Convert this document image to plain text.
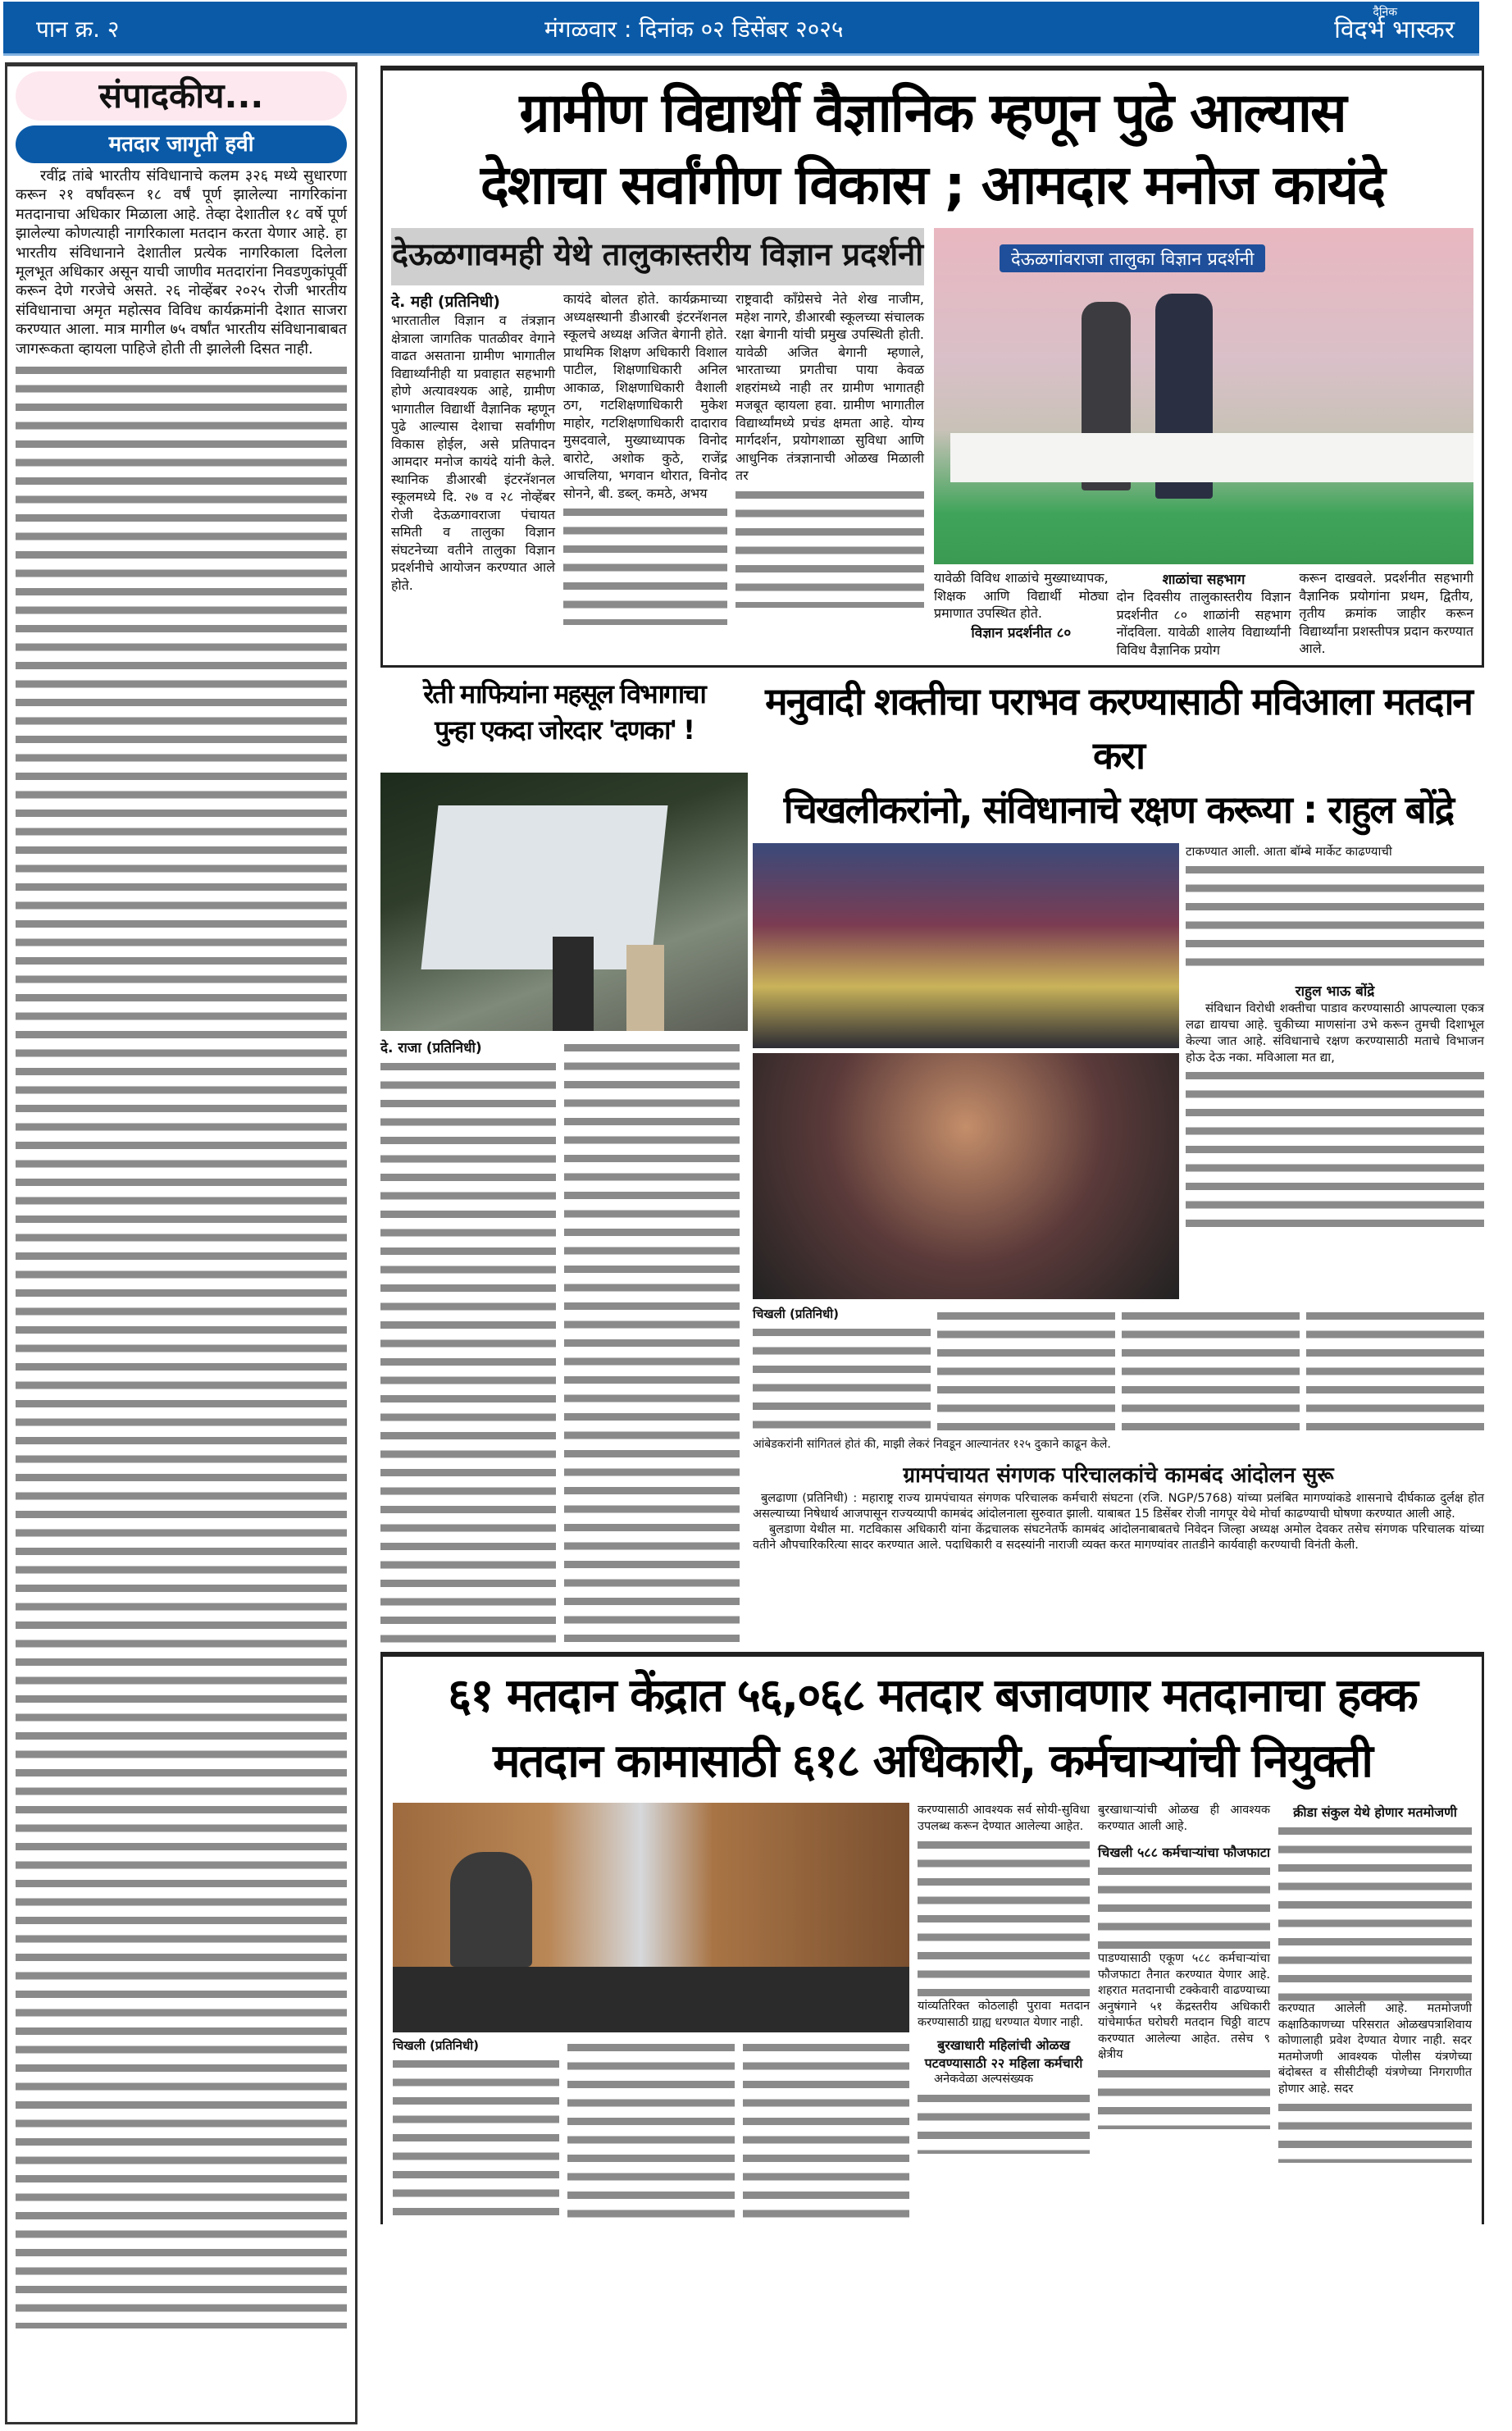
पान क्र. २	मंगळवार : दिनांक ०२ डिसेंबर २०२५
दैनिक
विदर्भ भास्कर
संपादकीय...
मतदार जागृती हवी

रवींद्र तांबे भारतीय संविधानाचे कलम ३२६ मध्ये सुधारणा करून २१ वर्षांवरून १८ वर्षं पूर्ण झालेल्या नागरिकांना मतदानाचा अधिकार मिळाला आहे. तेव्हा देशातील १८ वर्षे पूर्ण झालेल्या कोणत्याही नागरिकाला मतदान करता येणार आहे. हा भारतीय संविधानाने देशातील प्रत्येक नागरिकाला दिलेला मूलभूत अधिकार असून याची जाणीव मतदारांना निवडणुकांपूर्वी करून देणे गरजेचे असते. २६ नोव्हेंबर २०२५ रोजी भारतीय संविधानाचा अमृत महोत्सव विविध कार्यक्रमांनी देशात साजरा करण्यात आला. मात्र मागील ७५ वर्षांत भारतीय संविधानाबाबत जागरूकता व्हायला पाहिजे होती ती झालेली दिसत नाही.

ग्रामीण विद्यार्थी वैज्ञानिक म्हणून पुढे आल्यास
देशाचा सर्वांगीण विकास ; आमदार मनोज कायंदे
देऊळगावमही येथे तालुकास्तरीय विज्ञान प्रदर्शनी
दे. मही (प्रतिनिधी)

भारतातील विज्ञान व तंत्रज्ञान क्षेत्राला जागतिक पातळीवर वेगाने वाढत असताना ग्रामीण भागातील विद्यार्थ्यांनीही या प्रवाहात सहभागी होणे अत्यावश्यक आहे, ग्रामीण भागातील विद्यार्थी वैज्ञानिक म्हणून पुढे आल्यास देशाचा सर्वांगीण विकास होईल, असे प्रतिपादन आमदार मनोज कायंदे यांनी केले. स्थानिक डीआरबी इंटरनॅशनल स्कूलमध्ये दि. २७ व २८ नोव्हेंबर रोजी देऊळगावराजा पंचायत समिती व तालुका विज्ञान संघटनेच्या वतीने तालुका विज्ञान प्रदर्शनीचे आयोजन करण्यात आले होते.

कायंदे बोलत होते. कार्यक्रमाच्या अध्यक्षस्थानी डीआरबी इंटरनॅशनल स्कूलचे अध्यक्ष अजित बेगानी होते. प्राथमिक शिक्षण अधिकारी विशाल पाटील, शिक्षणाधिकारी अनिल आकाळ, शिक्षणाधिकारी वैशाली ठग, गटशिक्षणाधिकारी मुकेश माहोर, गटशिक्षणाधिकारी दादाराव मुसदवाले, मुख्याध्यापक विनोद बारोटे, अशोक कुठे, राजेंद्र आचलिया, भगवान थोरात, विनोद सोनने, बी. डब्ल्. कमठे, अभय

राष्ट्रवादी काँग्रेसचे नेते शेख नाजीम, महेश नागरे, डीआरबी स्कूलच्या संचालक रक्षा बेगानी यांची प्रमुख उपस्थिती होती. यावेळी अजित बेगानी म्हणाले, भारताच्या प्रगतीचा पाया केवळ शहरांमध्ये नाही तर ग्रामीण भागातही मजबूत व्हायला हवा. ग्रामीण भागातील विद्यार्थ्यांमध्ये प्रचंड क्षमता आहे. योग्य मार्गदर्शन, प्रयोगशाळा सुविधा आणि आधुनिक तंत्रज्ञानाची ओळख मिळाली तर

देऊळगांवराजा तालुका विज्ञान प्रदर्शनी

यावेळी विविध शाळांचे मुख्याध्यापक, शिक्षक आणि विद्यार्थी मोठ्या प्रमाणात उपस्थित होते.

विज्ञान प्रदर्शनीत ८०
शाळांचा सहभाग

दोन दिवसीय तालुकास्तरीय विज्ञान प्रदर्शनीत ८० शाळांनी सहभाग नोंदविला. यावेळी शालेय विद्यार्थ्यांनी विविध वैज्ञानिक प्रयोग

करून दाखवले. प्रदर्शनीत सहभागी वैज्ञानिक प्रयोगांना प्रथम, द्वितीय, तृतीय क्रमांक जाहीर करून विद्यार्थ्यांना प्रशस्तीपत्र प्रदान करण्यात आले.

रेती माफियांना महसूल विभागाचा
पुन्हा एकदा जोरदार 'दणका' !
दे. राजा (प्रतिनिधी)
मनुवादी शक्तीचा पराभव करण्यासाठी मविआला मतदान करा
चिखलीकरांनो, संविधानाचे रक्षण करूया : राहुल बोंद्रे

टाकण्यात आली. आता बॉम्बे मार्केट काढण्याची

राहुल भाऊ बोंद्रे

संविधान विरोधी शक्तीचा पाडाव करण्यासाठी आपल्याला एकत्र लढा द्यायचा आहे. चुकीच्या माणसांना उभे करून तुमची दिशाभूल केल्या जात आहे. संविधानाचे रक्षण करण्यासाठी मताचे विभाजन होऊ देऊ नका. मविआला मत द्या,

चिखली (प्रतिनिधी)

आंबेडकरांनी सांगितलं होतं की, माझी लेकरं निवडून आल्यानंतर १२५ दुकाने काढून केले.

ग्रामपंचायत संगणक परिचालकांचे कामबंद आंदोलन सुरू

बुलढाणा (प्रतिनिधी) : महाराष्ट्र राज्य ग्रामपंचायत संगणक परिचालक कर्मचारी संघटना (रजि. NGP/5768) यांच्या प्रलंबित मागण्यांकडे शासनाचे दीर्घकाळ दुर्लक्ष होत असल्याच्या निषेधार्थ आजपासून राज्यव्यापी कामबंद आंदोलनाला सुरुवात झाली. याबाबत 15 डिसेंबर रोजी नागपूर येथे मोर्चा काढण्याची घोषणा करण्यात आली आहे.

बुलडाणा येथील मा. गटविकास अधिकारी यांना केंद्रचालक संघटनेतर्फे कामबंद आंदोलनाबाबतचे निवेदन जिल्हा अध्यक्ष अमोल देवकर तसेच संगणक परिचालक यांच्या वतीने औपचारिकरित्या सादर करण्यात आले. पदाधिकारी व सदस्यांनी नाराजी व्यक्त करत मागण्यांवर तातडीने कार्यवाही करण्याची विनंती केली.

६१ मतदान केंद्रात ५६,०६८ मतदार बजावणार मतदानाचा हक्क
मतदान कामासाठी ६१८ अधिकारी, कर्मचाऱ्यांची नियुक्ती
चिखली (प्रतिनिधी)

करण्यासाठी आवश्यक सर्व सोयी-सुविधा उपलब्ध करून देण्यात आलेल्या आहेत.

यांव्यतिरिक्त कोठलाही पुरावा मतदान करण्यासाठी ग्राह्य धरण्यात येणार नाही.

बुरखाधारी महिलांची ओळख पटवण्यासाठी २२ महिला कर्मचारी

अनेकवेळा अल्पसंख्यक

बुरखाधाऱ्यांची ओळख ही आवश्यक करण्यात आली आहे.

चिखली ५८८ कर्मचाऱ्यांचा फौजफाटा

पाडण्यासाठी एकूण ५८८ कर्मचाऱ्यांचा फौजफाटा तैनात करण्यात येणार आहे. शहरात मतदानाची टक्केवारी वाढण्याच्या अनुषंगाने ५१ केंद्रस्तरीय अधिकारी यांचेमार्फत घरोघरी मतदान चिठ्ठी वाटप करण्यात आलेल्या आहेत. तसेच ९ क्षेत्रीय

क्रीडा संकुल येथे होणार मतमोजणी

करण्यात आलेली आहे. मतमोजणी कक्षाठिकाणच्या परिसरात ओळखपत्राशिवाय कोणालाही प्रवेश देण्यात येणार नाही. सदर मतमोजणी आवश्यक पोलीस यंत्रणेच्या बंदोबस्त व सीसीटीव्ही यंत्रणेच्या निगराणीत होणार आहे. सदर
